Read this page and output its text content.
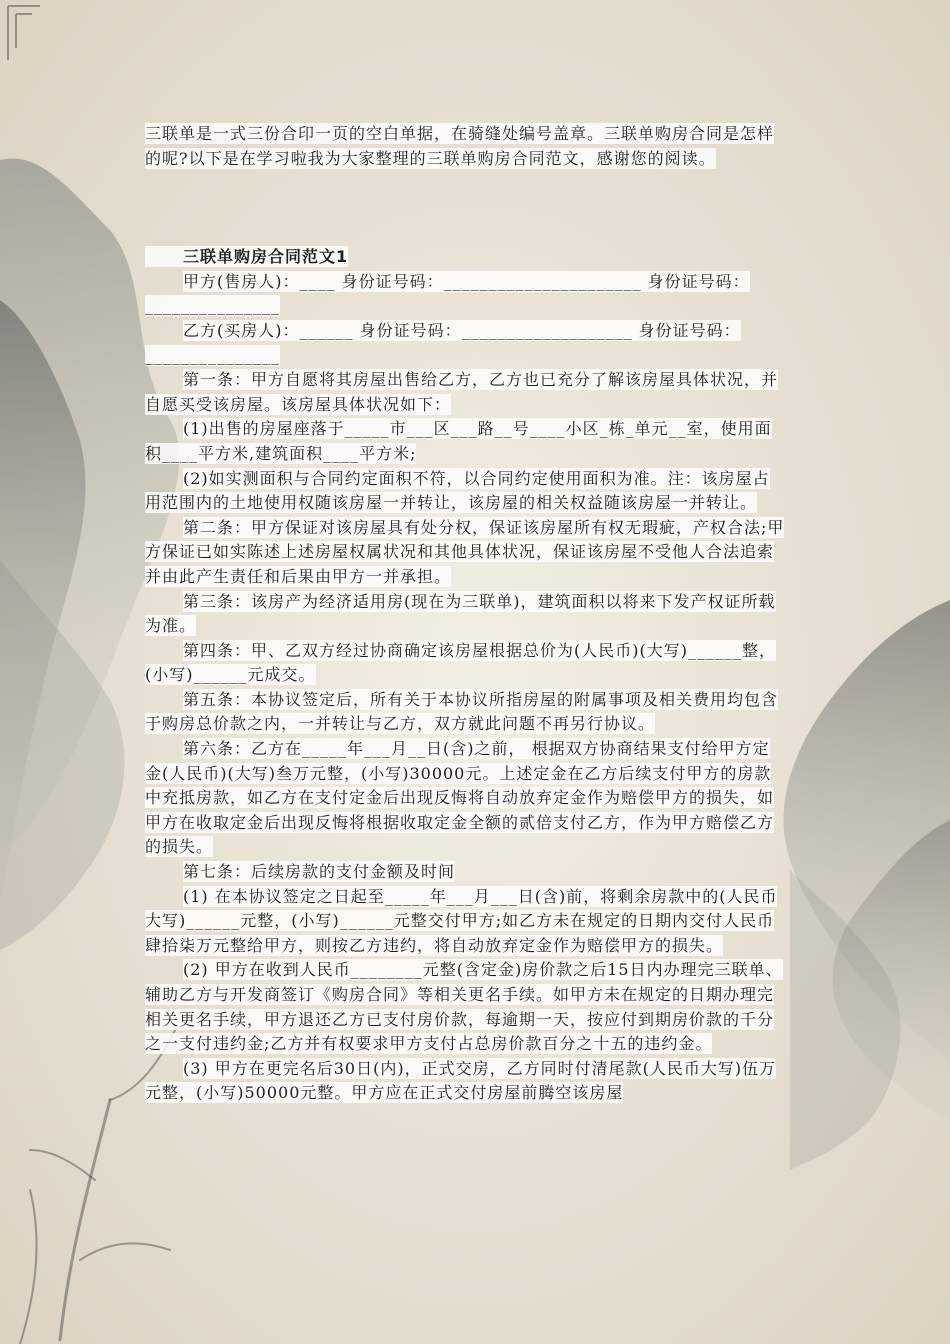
三联单是一式三份合印一页的空白单据，在骑缝处编号盖章。三联单购房合同是怎样的呢?以下是在学习啦我为大家整理的三联单购房合同范文，感谢您的阅读。

三联单购房合同范文1

甲方(售房人)：____ 身份证号码：______________________ 身份证号码：_______________

乙方(买房人)：______ 身份证号码：___________________ 身份证号码：_______________

第一条：甲方自愿将其房屋出售给乙方，乙方也已充分了解该房屋具体状况，并自愿买受该房屋。该房屋具体状况如下：

(1)出售的房屋座落于_____市___区___路__号____小区_栋_单元__室，使用面积____平方米,建筑面积____平方米;

(2)如实测面积与合同约定面积不符，以合同约定使用面积为准。注：该房屋占用范围内的土地使用权随该房屋一并转让，该房屋的相关权益随该房屋一并转让。

第二条：甲方保证对该房屋具有处分权，保证该房屋所有权无瑕疵，产权合法;甲方保证已如实陈述上述房屋权属状况和其他具体状况，保证该房屋不受他人合法追索并由此产生责任和后果由甲方一并承担。

第三条：该房产为经济适用房(现在为三联单)，建筑面积以将来下发产权证所载为准。

第四条：甲、乙双方经过协商确定该房屋根据总价为(人民币)(大写)______整，(小写)______元成交。

第五条：本协议签定后，所有关于本协议所指房屋的附属事项及相关费用均包含于购房总价款之内，一并转让与乙方，双方就此问题不再另行协议。

第六条：乙方在_____年___月__日(含)之前， 根据双方协商结果支付给甲方定金(人民币)(大写)叁万元整，(小写)30000元。上述定金在乙方后续支付甲方的房款中充抵房款，如乙方在支付定金后出现反悔将自动放弃定金作为赔偿甲方的损失，如甲方在收取定金后出现反悔将根据收取定金全额的贰倍支付乙方，作为甲方赔偿乙方的损失。

第七条：后续房款的支付金额及时间

(1) 在本协议签定之日起至_____年___月___日(含)前，将剩余房款中的(人民币大写)______元整，(小写)______元整交付甲方;如乙方未在规定的日期内交付人民币肆拾柒万元整给甲方，则按乙方违约，将自动放弃定金作为赔偿甲方的损失。

(2) 甲方在收到人民币________元整(含定金)房价款之后15日内办理完三联单、辅助乙方与开发商签订《购房合同》等相关更名手续。如甲方未在规定的日期办理完相关更名手续，甲方退还乙方已支付房价款，每逾期一天，按应付到期房价款的千分之一支付违约金;乙方并有权要求甲方支付占总房价款百分之十五的违约金。

(3) 甲方在更完名后30日(内)，正式交房，乙方同时付清尾款(人民币大写)伍万元整，(小写)50000元整。甲方应在正式交付房屋前腾空该房屋
